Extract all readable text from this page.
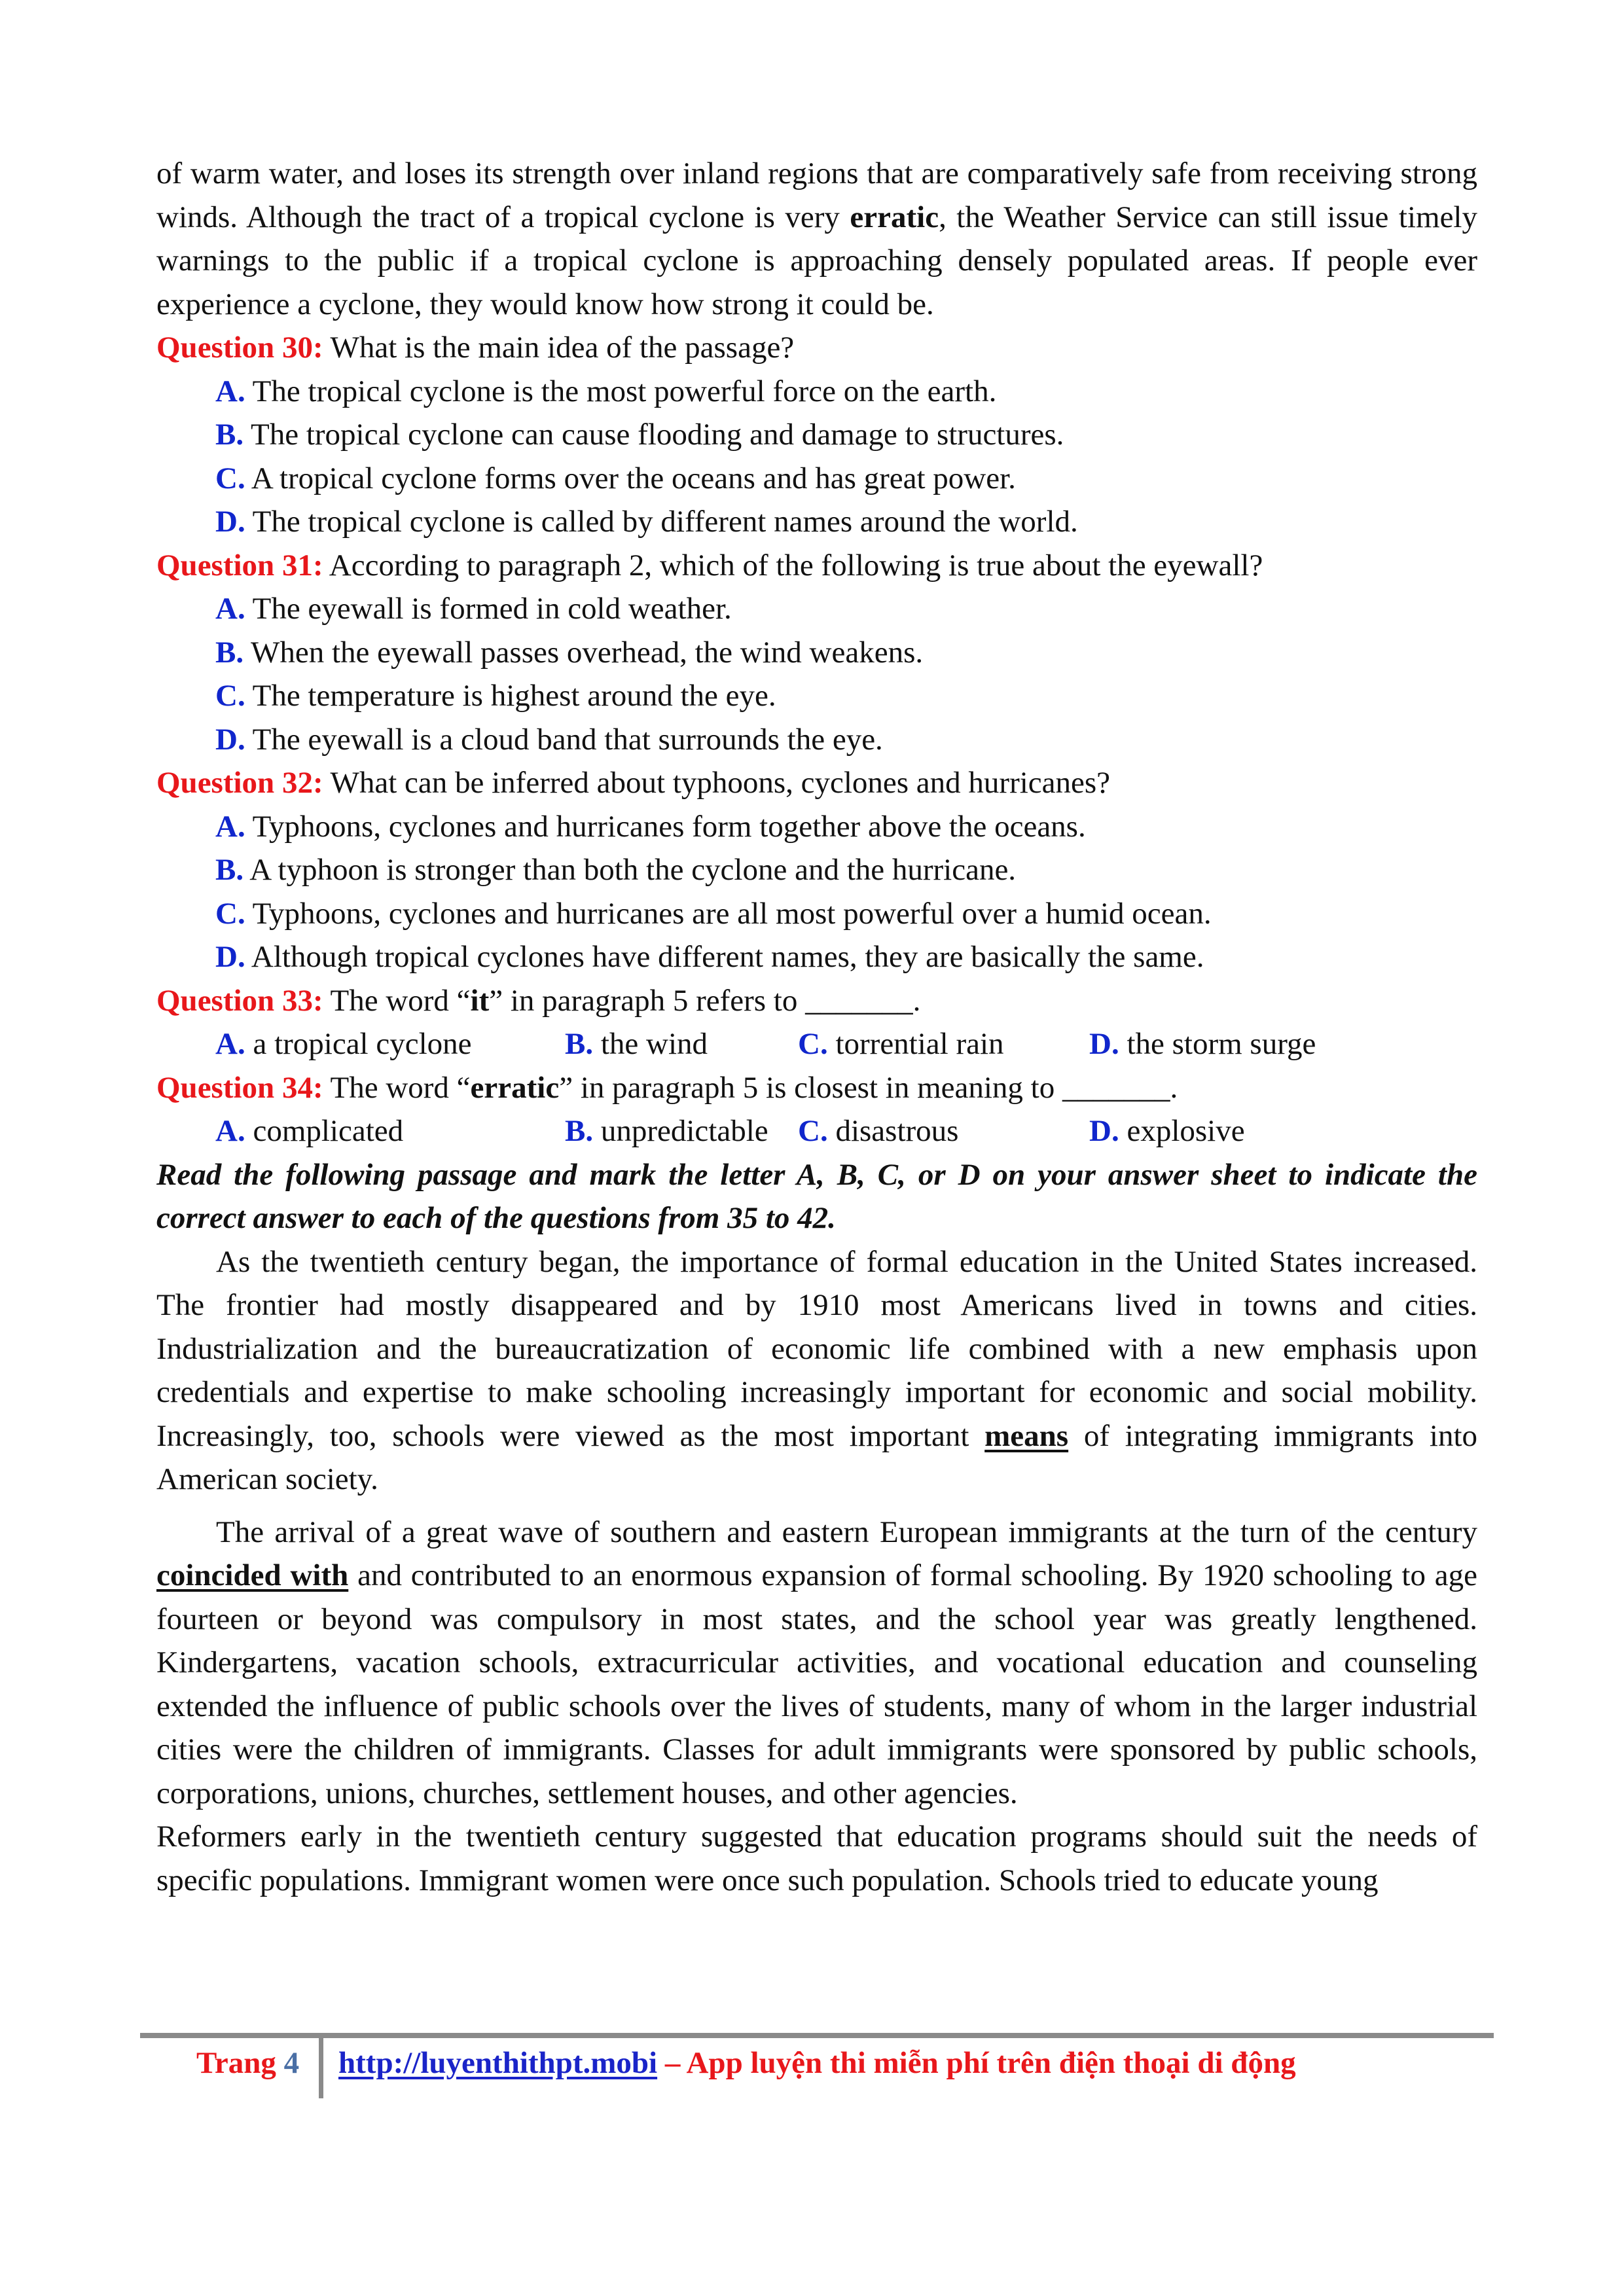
of warm water, and loses its strength over inland regions that are comparatively safe from receiving strong winds. Although the tract of a tropical cyclone is very erratic, the Weather Service can still issue timely warnings to the public if a tropical cyclone is approaching densely populated areas. If people ever experience a cyclone, they would know how strong it could be.

Question 30: What is the main idea of the passage?

A. The tropical cyclone is the most powerful force on the earth.

B. The tropical cyclone can cause flooding and damage to structures.

C. A tropical cyclone forms over the oceans and has great power.

D. The tropical cyclone is called by different names around the world.

Question 31: According to paragraph 2, which of the following is true about the eyewall?

A. The eyewall is formed in cold weather.

B. When the eyewall passes overhead, the wind weakens.

C. The temperature is highest around the eye.

D. The eyewall is a cloud band that surrounds the eye.

Question 32: What can be inferred about typhoons, cyclones and hurricanes?

A. Typhoons, cyclones and hurricanes form together above the oceans.

B. A typhoon is stronger than both the cyclone and the hurricane.

C. Typhoons, cyclones and hurricanes are all most powerful over a humid ocean.

D. Although tropical cyclones have different names, they are basically the same.

Question 33: The word “it” in paragraph 5 refers to _______.

A. a tropical cyclone	B. the wind	C. torrential rain	D. the storm surge

Question 34: The word “erratic” in paragraph 5 is closest in meaning to _______.

A. complicated	B. unpredictable C. disastrous	D. explosive

Read the following passage and mark the letter A, B, C, or D on your answer sheet to indicate the correct answer to each of the questions from 35 to 42.

As the twentieth century began, the importance of formal education in the United States increased. The frontier had mostly disappeared and by 1910 most Americans lived in towns and cities. Industrialization and the bureaucratization of economic life combined with a new emphasis upon credentials and expertise to make schooling increasingly important for economic and social mobility. Increasingly, too, schools were viewed as the most important means of integrating immigrants into American society.

The arrival of a great wave of southern and eastern European immigrants at the turn of the century coincided with and contributed to an enormous expansion of formal schooling. By 1920 schooling to age fourteen or beyond was compulsory in most states, and the school year was greatly lengthened. Kindergartens, vacation schools, extracurricular activities, and vocational education and counseling extended the influence of public schools over the lives of students, many of whom in the larger industrial cities were the children of immigrants. Classes for adult immigrants were sponsored by public schools, corporations, unions, churches, settlement houses, and other agencies.

Reformers early in the twentieth century suggested that education programs should suit the needs of specific populations. Immigrant women were once such population. Schools tried to educate young

Trang 4 http://luyenthithpt.mobi – App luyện thi miễn phí trên điện thoại di động
